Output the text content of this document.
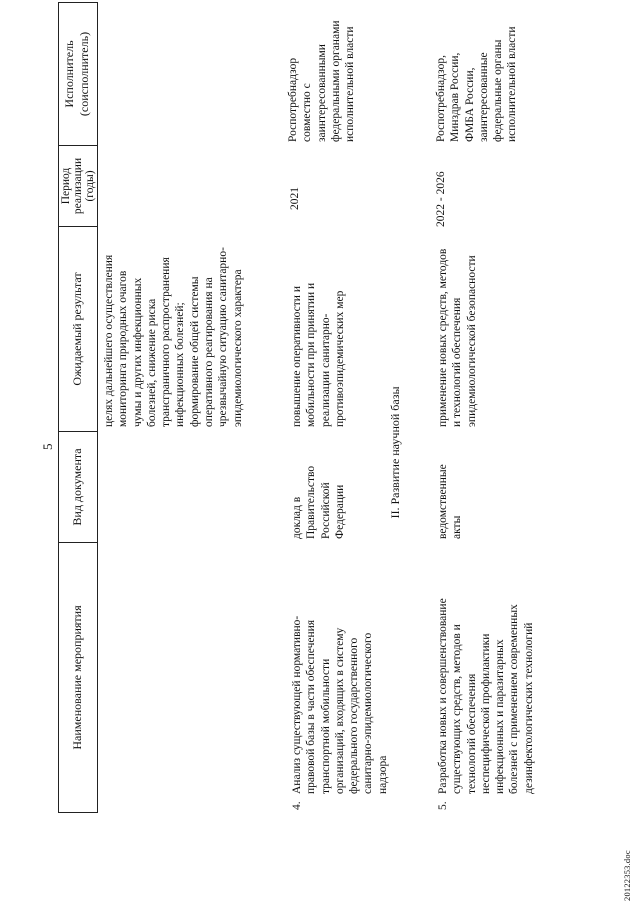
5
Наименование мероприятия
Вид документа
Ожидаемый результат
Период
реализации
(годы)
Исполнитель
(соисполнитель)
целях дальнейшего осуществления
мониторинга природных очагов
чумы и других инфекционных
болезней, снижение риска
трансграничного распространения
инфекционных болезней;
формирование общей системы
оперативного реагирования на
чрезвычайную ситуацию санитарно-
эпидемиологического характера
4.
Анализ существующей нормативно-
правовой базы в части обеспечения
транспортной мобильности
организаций, входящих в систему
федерального государственного
санитарно-эпидемиологического
надзора
доклад в
Правительство
Российской
Федерации
повышение оперативности и
мобильности при принятии и
реализации санитарно-
противоэпидемических мер
2021
Роспотребнадзор
совместно с
заинтересованными
федеральными органами
исполнительной власти
II. Развитие научной базы
5.
Разработка новых и совершенствование
существующих средств, методов и
технологий обеспечения
неспецифической профилактики
инфекционных и паразитарных
болезней с применением современных
дезинфектологических технологий
ведомственные
акты
применение новых средств, методов
и технологий обеспечения
эпидемиологической безопасности
2022 - 2026
Роспотребнадзор,
Минздрав России,
ФМБА России,
заинтересованные
федеральные органы
исполнительной власти
20122353.doc
